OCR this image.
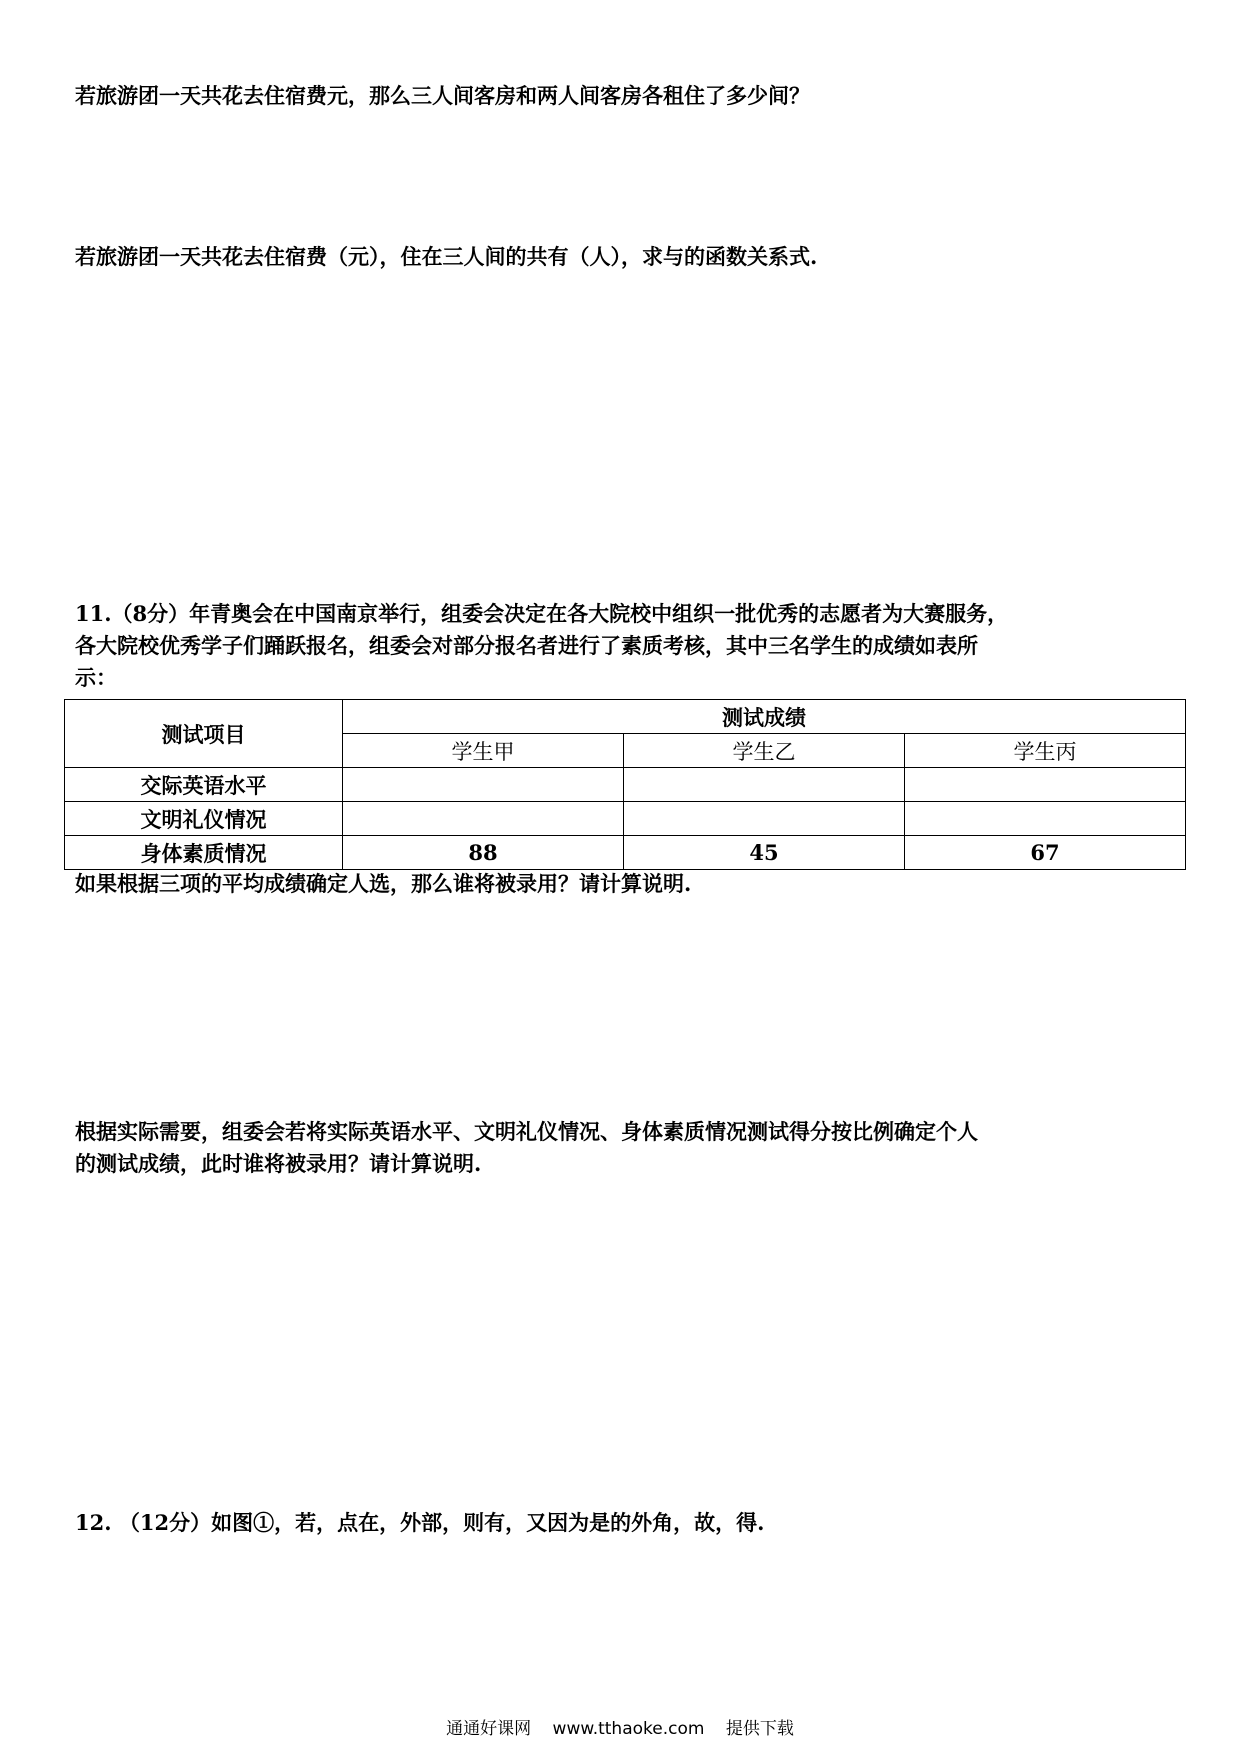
若旅游团一天共花去住宿费元，那么三人间客房和两人间客房各租住了多少间？

若旅游团一天共花去住宿费（元），住在三人间的共有（人），求与的函数关系式.

11.（8分）年青奥会在中国南京举行，组委会决定在各大院校中组织一批优秀的志愿者为大赛服务，

各大院校优秀学子们踊跃报名，组委会对部分报名者进行了素质考核，其中三名学生的成绩如表所

示：

测试项目	测试成绩		
	学生甲	学生乙	学生丙
交际英语水平			
文明礼仪情况			
身体素质情况	88	45	67

如果根据三项的平均成绩确定人选，那么谁将被录用？请计算说明.

根据实际需要，组委会若将实际英语水平、文明礼仪情况、身体素质情况测试得分按比例确定个人

的测试成绩，此时谁将被录用？请计算说明.

12. （12分）如图①，若，点在，外部，则有，又因为是的外角，故，得.

通通好课网 www.tthaoke.com 提供下载
